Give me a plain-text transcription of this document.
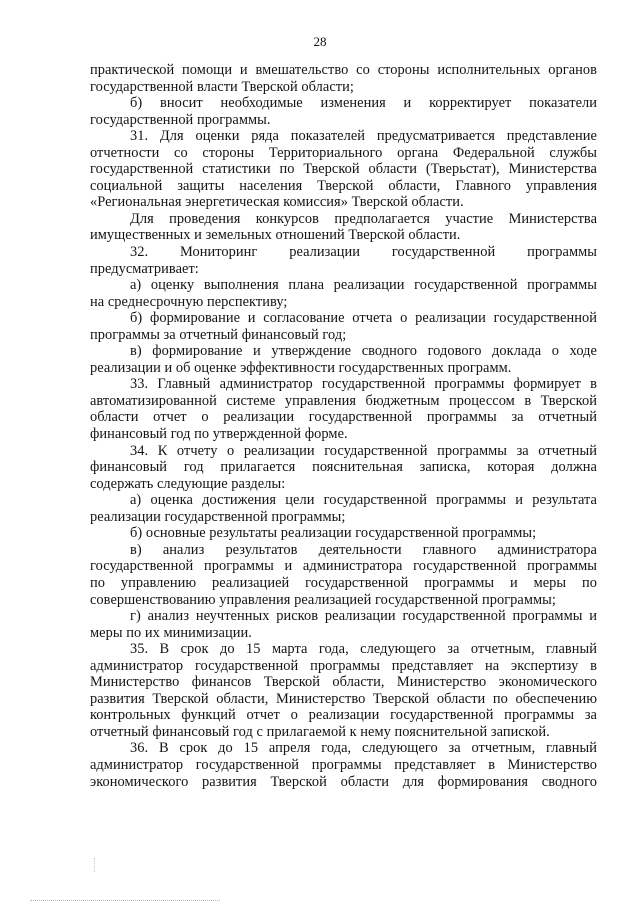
28
практической помощи и вмешательство со стороны исполнительных органов
государственной власти Тверской области;
б) вносит необходимые изменения и корректирует показатели
государственной программы.
31. Для оценки ряда показателей предусматривается представление
отчетности со стороны Территориального органа Федеральной службы
государственной статистики по Тверской области (Тверьстат), Министерства
социальной защиты населения Тверской области, Главного управления
«Региональная энергетическая комиссия» Тверской области.
Для проведения конкурсов предполагается участие Министерства
имущественных и земельных отношений Тверской области.
32. Мониторинг реализации государственной программы
предусматривает:
а) оценку выполнения плана реализации государственной программы
на среднесрочную перспективу;
б) формирование и согласование отчета о реализации государственной
программы за отчетный финансовый год;
в) формирование и утверждение сводного годового доклада о ходе
реализации и об оценке эффективности государственных программ.
33. Главный администратор государственной программы формирует в
автоматизированной системе управления бюджетным процессом в Тверской
области отчет о реализации государственной программы за отчетный
финансовый год по утвержденной форме.
34. К отчету о реализации государственной программы за отчетный
финансовый год прилагается пояснительная записка, которая должна
содержать следующие разделы:
а) оценка достижения цели государственной программы и результата
реализации государственной программы;
б) основные результаты реализации государственной программы;
в) анализ результатов деятельности главного администратора
государственной программы и администратора государственной программы
по управлению реализацией государственной программы и меры по
совершенствованию управления реализацией государственной программы;
г) анализ неучтенных рисков реализации государственной программы и
меры по их минимизации.
35. В срок до 15 марта года, следующего за отчетным, главный
администратор государственной программы представляет на экспертизу в
Министерство финансов Тверской области, Министерство экономического
развития Тверской области, Министерство Тверской области по обеспечению
контрольных функций отчет о реализации государственной программы за
отчетный финансовый год с прилагаемой к нему пояснительной запиской.
36. В срок до 15 апреля года, следующего за отчетным, главный
администратор государственной программы представляет в Министерство
экономического развития Тверской области для формирования сводного
